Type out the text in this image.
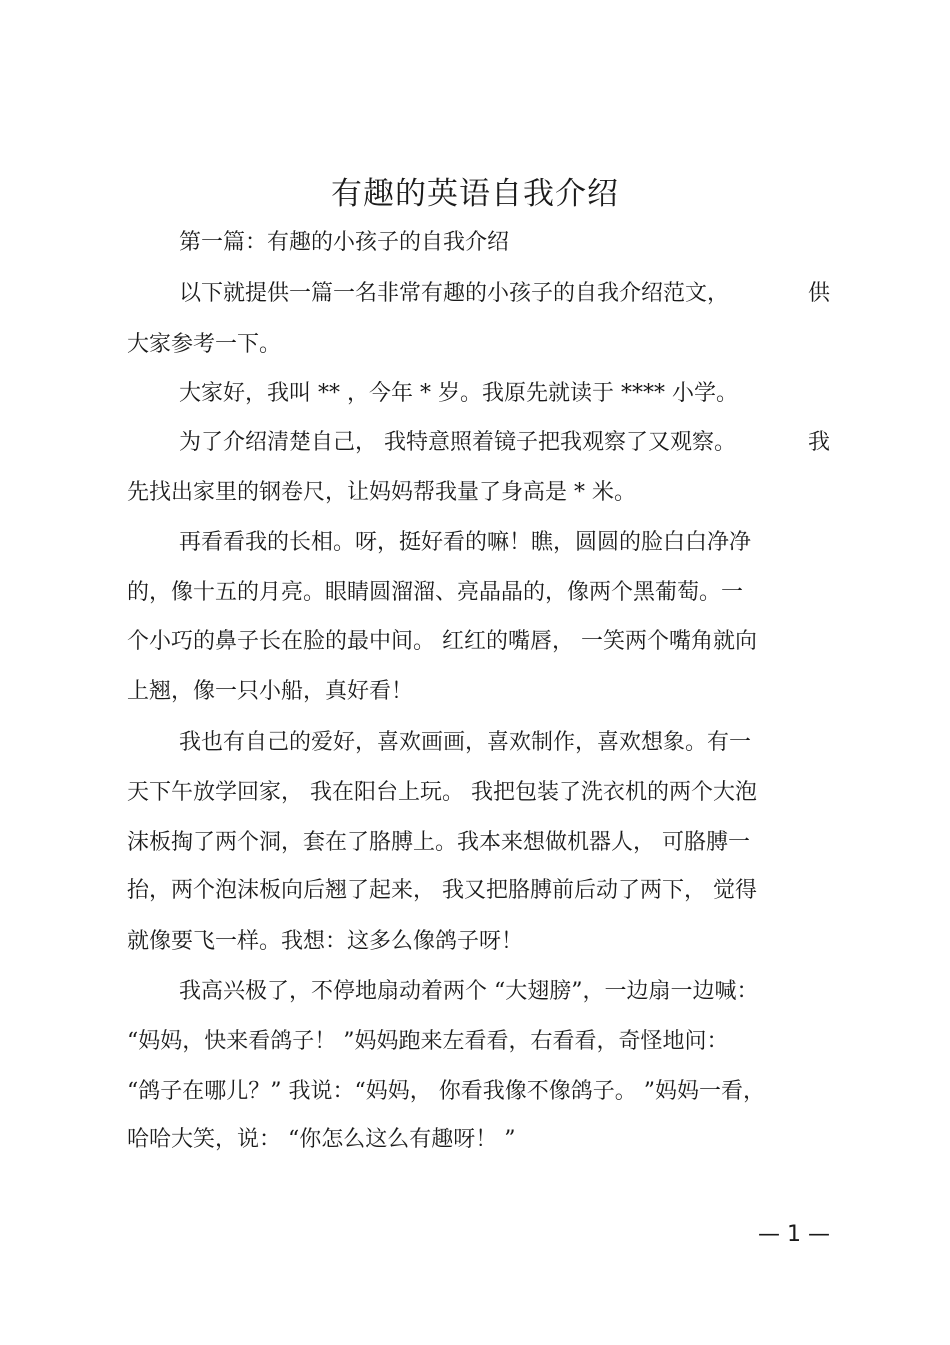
有趣的英语自我介绍
第一篇：有趣的小孩子的自我介绍
以下就提供一篇一名非常有趣的小孩子的自我介绍范文，	供
大家参考一下。
大家好，我叫 ** ，今年 * 岁。我原先就读于 **** 小学。
为了介绍清楚自己， 我特意照着镜子把我观察了又观察。	我
先找出家里的钢卷尺，让妈妈帮我量了身高是 * 米。
再看看我的长相。呀，挺好看的嘛！瞧，圆圆的脸白白净净
的，像十五的月亮。眼睛圆溜溜、亮晶晶的，像两个黑葡萄。一
个小巧的鼻子长在脸的最中间。 红红的嘴唇， 一笑两个嘴角就向
上翘，像一只小船，真好看！
我也有自己的爱好，喜欢画画，喜欢制作，喜欢想象。有一
天下午放学回家， 我在阳台上玩。 我把包装了洗衣机的两个大泡
沫板掏了两个洞，套在了胳膊上。我本来想做机器人， 可胳膊一
抬，两个泡沫板向后翘了起来， 我又把胳膊前后动了两下， 觉得
就像要飞一样。我想：这多么像鸽子呀！
我高兴极了，不停地扇动着两个 “大翅膀”，一边扇一边喊：
“妈妈，快来看鸽子！ ”妈妈跑来左看看，右看看，奇怪地问：
“鸽子在哪儿？” 我说：“妈妈， 你看我像不像鸽子。 ”妈妈一看，
哈哈大笑，说： “你怎么这么有趣呀！ ”
— 1 —
